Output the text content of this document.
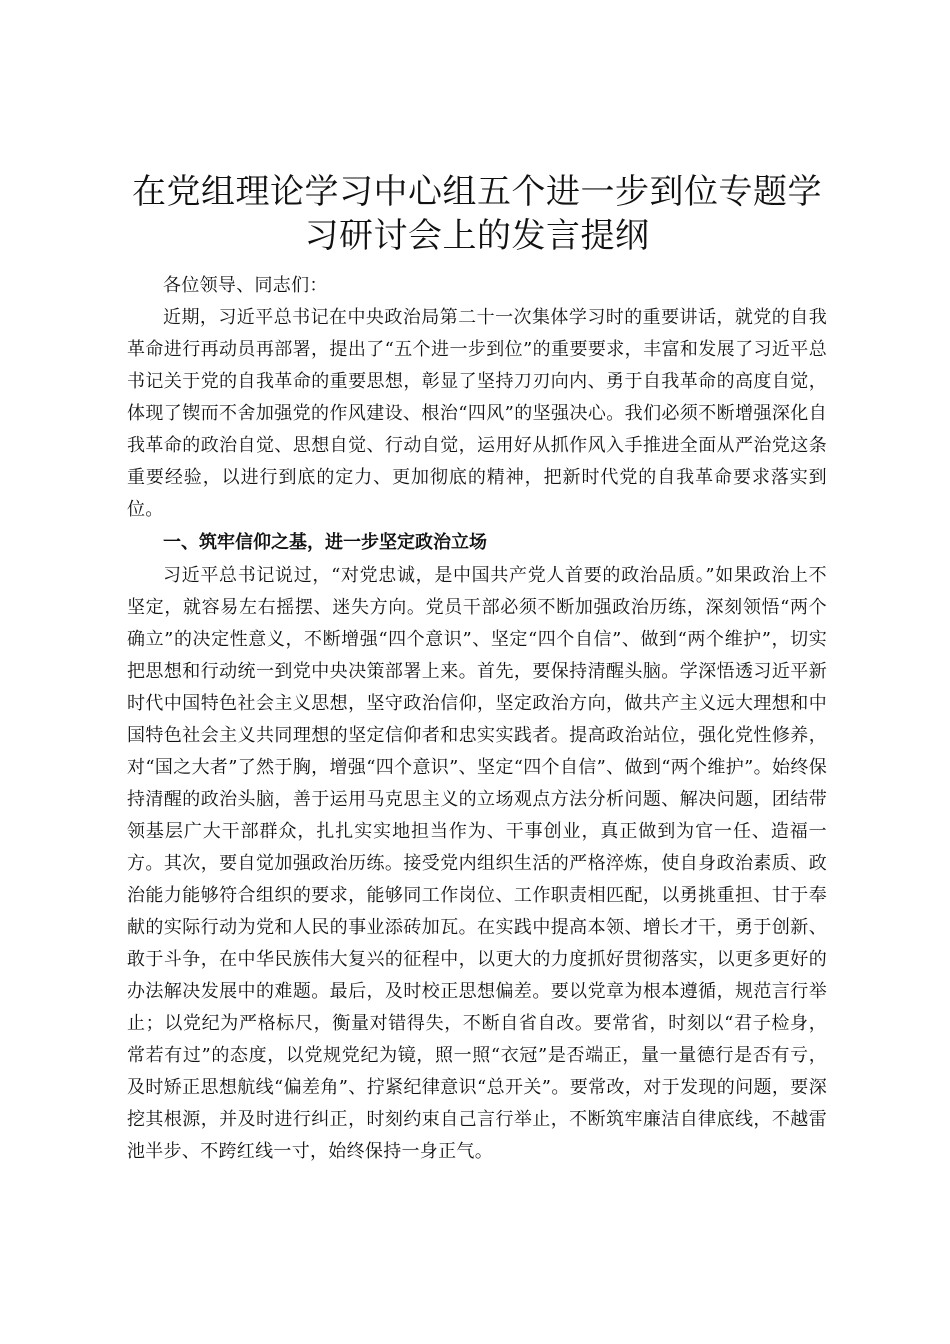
在党组理论学习中心组五个进一步到位专题学习研讨会上的发言提纲

各位领导、同志们：

近期，习近平总书记在中央政治局第二十一次集体学习时的重要讲话，就党的自我革命进行再动员再部署，提出了“五个进一步到位”的重要要求，丰富和发展了习近平总书记关于党的自我革命的重要思想，彰显了坚持刀刃向内、勇于自我革命的高度自觉，体现了锲而不舍加强党的作风建设、根治“四风”的坚强决心。我们必须不断增强深化自我革命的政治自觉、思想自觉、行动自觉，运用好从抓作风入手推进全面从严治党这条重要经验，以进行到底的定力、更加彻底的精神，把新时代党的自我革命要求落实到位。

一、筑牢信仰之基，进一步坚定政治立场

习近平总书记说过，“对党忠诚，是中国共产党人首要的政治品质。”如果政治上不坚定，就容易左右摇摆、迷失方向。党员干部必须不断加强政治历练，深刻领悟“两个确立”的决定性意义，不断增强“四个意识”、坚定“四个自信”、做到“两个维护”，切实把思想和行动统一到党中央决策部署上来。首先，要保持清醒头脑。学深悟透习近平新时代中国特色社会主义思想，坚守政治信仰，坚定政治方向，做共产主义远大理想和中国特色社会主义共同理想的坚定信仰者和忠实实践者。提高政治站位，强化党性修养，对“国之大者”了然于胸，增强“四个意识”、坚定“四个自信”、做到“两个维护”。始终保持清醒的政治头脑，善于运用马克思主义的立场观点方法分析问题、解决问题，团结带领基层广大干部群众，扎扎实实地担当作为、干事创业，真正做到为官一任、造福一方。其次，要自觉加强政治历练。接受党内组织生活的严格淬炼，使自身政治素质、政治能力能够符合组织的要求，能够同工作岗位、工作职责相匹配，以勇挑重担、甘于奉献的实际行动为党和人民的事业添砖加瓦。在实践中提高本领、增长才干，勇于创新、敢于斗争，在中华民族伟大复兴的征程中，以更大的力度抓好贯彻落实，以更多更好的办法解决发展中的难题。最后，及时校正思想偏差。要以党章为根本遵循，规范言行举止；以党纪为严格标尺，衡量对错得失，不断自省自改。要常省，时刻以“君子检身，常若有过”的态度，以党规党纪为镜，照一照“衣冠”是否端正，量一量德行是否有亏，及时矫正思想航线“偏差角”、拧紧纪律意识“总开关”。要常改，对于发现的问题，要深挖其根源，并及时进行纠正，时刻约束自己言行举止，不断筑牢廉洁自律底线，不越雷池半步、不跨红线一寸，始终保持一身正气。
